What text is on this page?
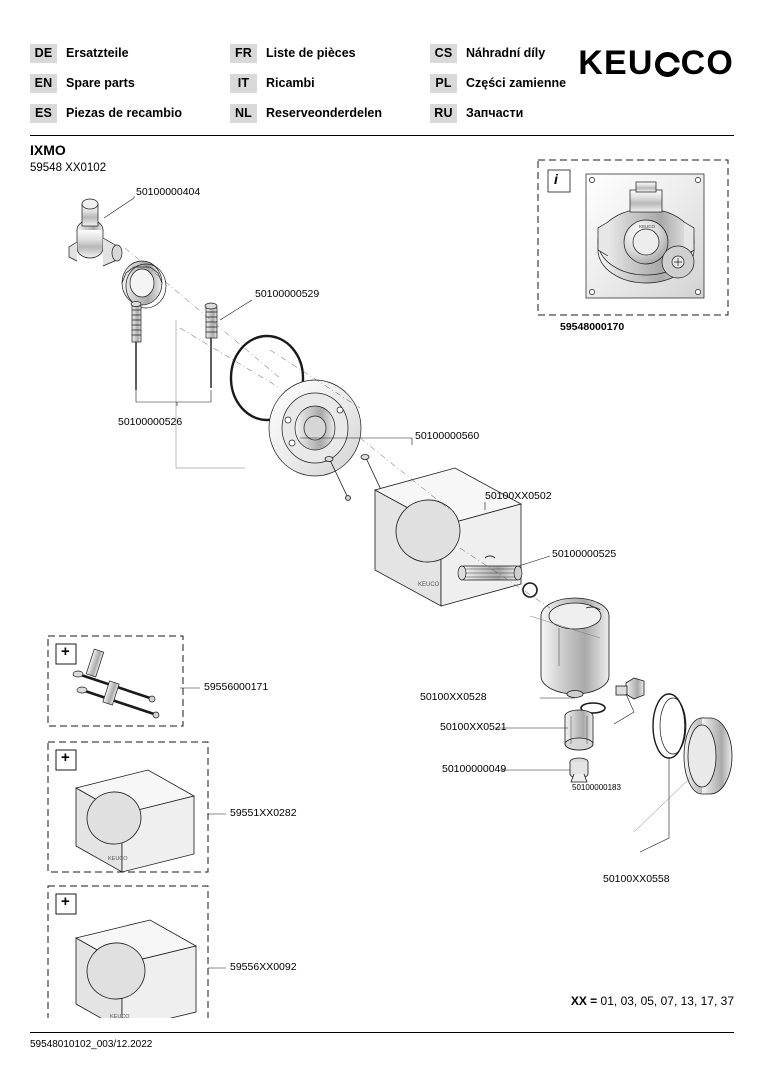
DE	Ersatzteile	FR	Liste de pièces	CS	Náhradní díly
EN	Spare parts	IT	Ricambi	PL	Części zamienne
ES	Piezas de recambio	NL	Reserveonderdelen	RU	Запчасти
KEU CO
IXMO
59548 XX0102
KEUCO
KEUCO
KEUCO
KEUCO
50100000404
50100000529
50100000526
50100000560
50100XX0502
50100000525
50100XX0528
50100XX0521
50100000049
50100000183
50100XX0558
59556000171
59551XX0282
59556XX0092
59548000170
i
+
+
+
XX = 01, 03, 05, 07, 13, 17, 37
59548010102_003/12.2022
